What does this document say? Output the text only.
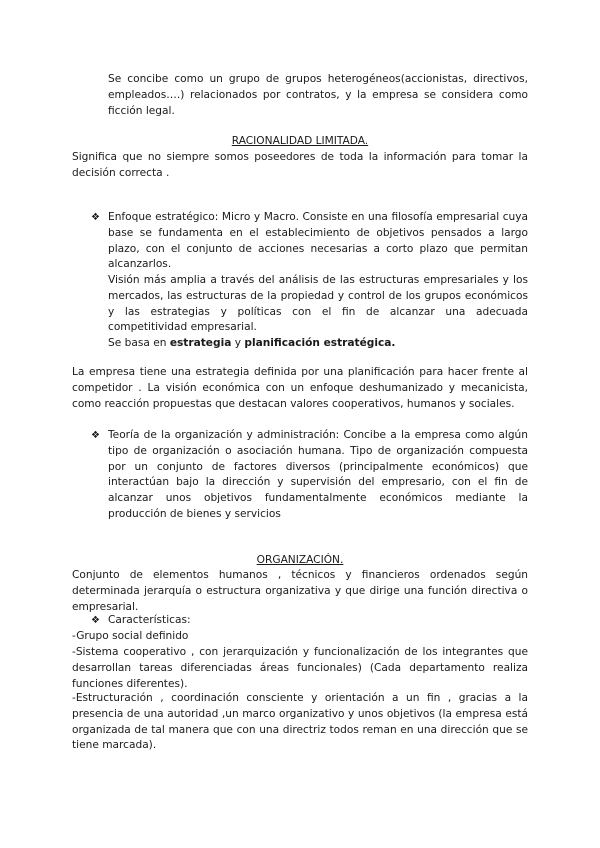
Se concibe como un grupo de grupos heterogéneos(accionistas, directivos, empleados….) relacionados por contratos, y la empresa se considera como ficción legal.
RACIONALIDAD LIMITADA.
Significa que no siempre somos poseedores de toda la información para tomar la decisión correcta .
❖ Enfoque estratégico: Micro y Macro. Consiste en una filosofía empresarial cuya base se fundamenta en el establecimiento de objetivos pensados a largo plazo, con el conjunto de acciones necesarias a corto plazo que permitan alcanzarlos.
Visión más amplia a través del análisis de las estructuras empresariales y los mercados, las estructuras de la propiedad y control de los grupos económicos y las estrategias y políticas con el fin de alcanzar una adecuada competitividad empresarial.
Se basa en estrategia y planificación estratégica.
La empresa tiene una estrategia definida por una planificación para hacer frente al competidor . La visión económica con un enfoque deshumanizado y mecanicista, como reacción propuestas que destacan valores cooperativos, humanos y sociales.
❖ Teoría de la organización y administración: Concibe a la empresa como algún tipo de organización o asociación humana. Tipo de organización compuesta por un conjunto de factores diversos (principalmente económicos) que interactúan bajo la dirección y supervisión del empresario, con el fin de alcanzar unos objetivos fundamentalmente económicos mediante la producción de bienes y servicios
ORGANIZACIÓN.
Conjunto de elementos humanos , técnicos y financieros ordenados según determinada jerarquía o estructura organizativa y que dirige una función directiva o empresarial.
❖ Características:
-Grupo social definido
-Sistema cooperativo , con jerarquización y funcionalización de los integrantes que desarrollan tareas diferenciadas áreas funcionales) (Cada departamento realiza funciones diferentes).
-Estructuración , coordinación consciente y orientación a un fin , gracias a la presencia de una autoridad ,un marco organizativo y unos objetivos (la empresa está organizada de tal manera que con una directriz todos reman en una dirección que se tiene marcada).
